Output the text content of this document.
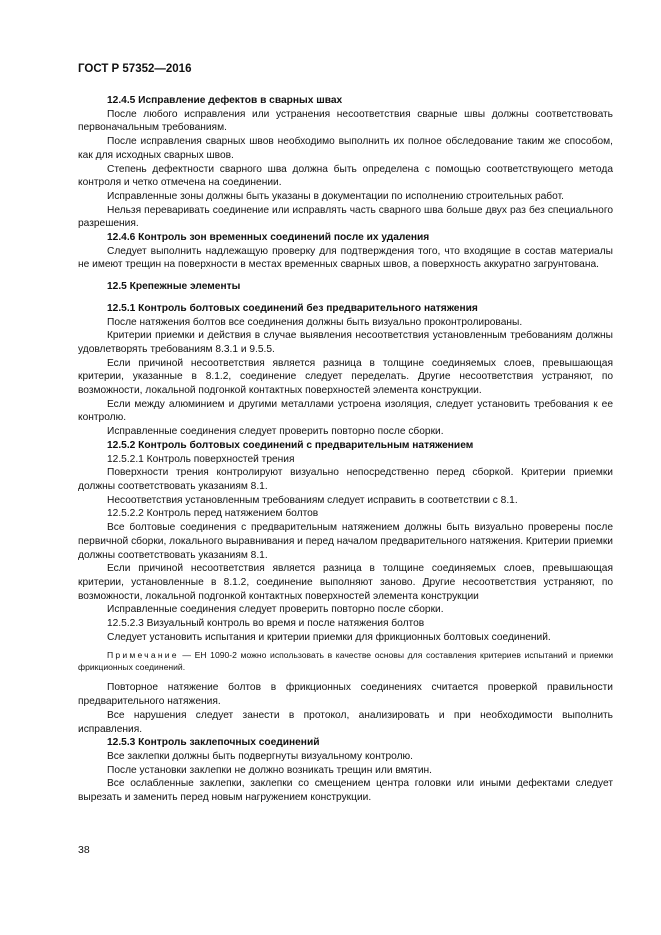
ГОСТ Р 57352—2016

12.4.5 Исправление дефектов в сварных швах

После любого исправления или устранения несоответствия сварные швы должны соответствовать первоначальным требованиям.

После исправления сварных швов необходимо выполнить их полное обследование таким же способом, как для исходных сварных швов.

Степень дефектности сварного шва должна быть определена с помощью соответствующего метода контроля и четко отмечена на соединении.

Исправленные зоны должны быть указаны в документации по исполнению строительных работ.

Нельзя переваривать соединение или исправлять часть сварного шва больше двух раз без специального разрешения.

12.4.6 Контроль зон временных соединений после их удаления

Следует выполнить надлежащую проверку для подтверждения того, что входящие в состав материалы не имеют трещин на поверхности в местах временных сварных швов, а поверхность аккуратно загрунтована.

12.5 Крепежные элементы

12.5.1 Контроль болтовых соединений без предварительного натяжения

После натяжения болтов все соединения должны быть визуально проконтролированы.

Критерии приемки и действия в случае выявления несоответствия установленным требованиям должны удовлетворять требованиям 8.3.1 и 9.5.5.

Если причиной несоответствия является разница в толщине соединяемых слоев, превышающая критерии, указанные в 8.1.2, соединение следует переделать. Другие несоответствия устраняют, по возможности, локальной подгонкой контактных поверхностей элемента конструкции.

Если между алюминием и другими металлами устроена изоляция, следует установить требования к ее контролю.

Исправленные соединения следует проверить повторно после сборки.

12.5.2 Контроль болтовых соединений с предварительным натяжением

12.5.2.1 Контроль поверхностей трения

Поверхности трения контролируют визуально непосредственно перед сборкой. Критерии приемки должны соответствовать указаниям 8.1.

Несоответствия установленным требованиям следует исправить в соответствии с 8.1.

12.5.2.2 Контроль перед натяжением болтов

Все болтовые соединения с предварительным натяжением должны быть визуально проверены после первичной сборки, локального выравнивания и перед началом предварительного натяжения. Критерии приемки должны соответствовать указаниям 8.1.

Если причиной несоответствия является разница в толщине соединяемых слоев, превышающая критерии, установленные в 8.1.2, соединение выполняют заново. Другие несоответствия устраняют, по возможности, локальной подгонкой контактных поверхностей элемента конструкции

Исправленные соединения следует проверить повторно после сборки.

12.5.2.3 Визуальный контроль во время и после натяжения болтов

Следует установить испытания и критерии приемки для фрикционных болтовых соединений.

Примечание — ЕН 1090-2 можно использовать в качестве основы для составления критериев испытаний и приемки фрикционных соединений.

Повторное натяжение болтов в фрикционных соединениях считается проверкой правильности предварительного натяжения.

Все нарушения следует занести в протокол, анализировать и при необходимости выполнить исправления.

12.5.3 Контроль заклепочных соединений

Все заклепки должны быть подвергнуты визуальному контролю.

После установки заклепки не должно возникать трещин или вмятин.

Все ослабленные заклепки, заклепки со смещением центра головки или иными дефектами следует вырезать и заменить перед новым нагружением конструкции.

38
